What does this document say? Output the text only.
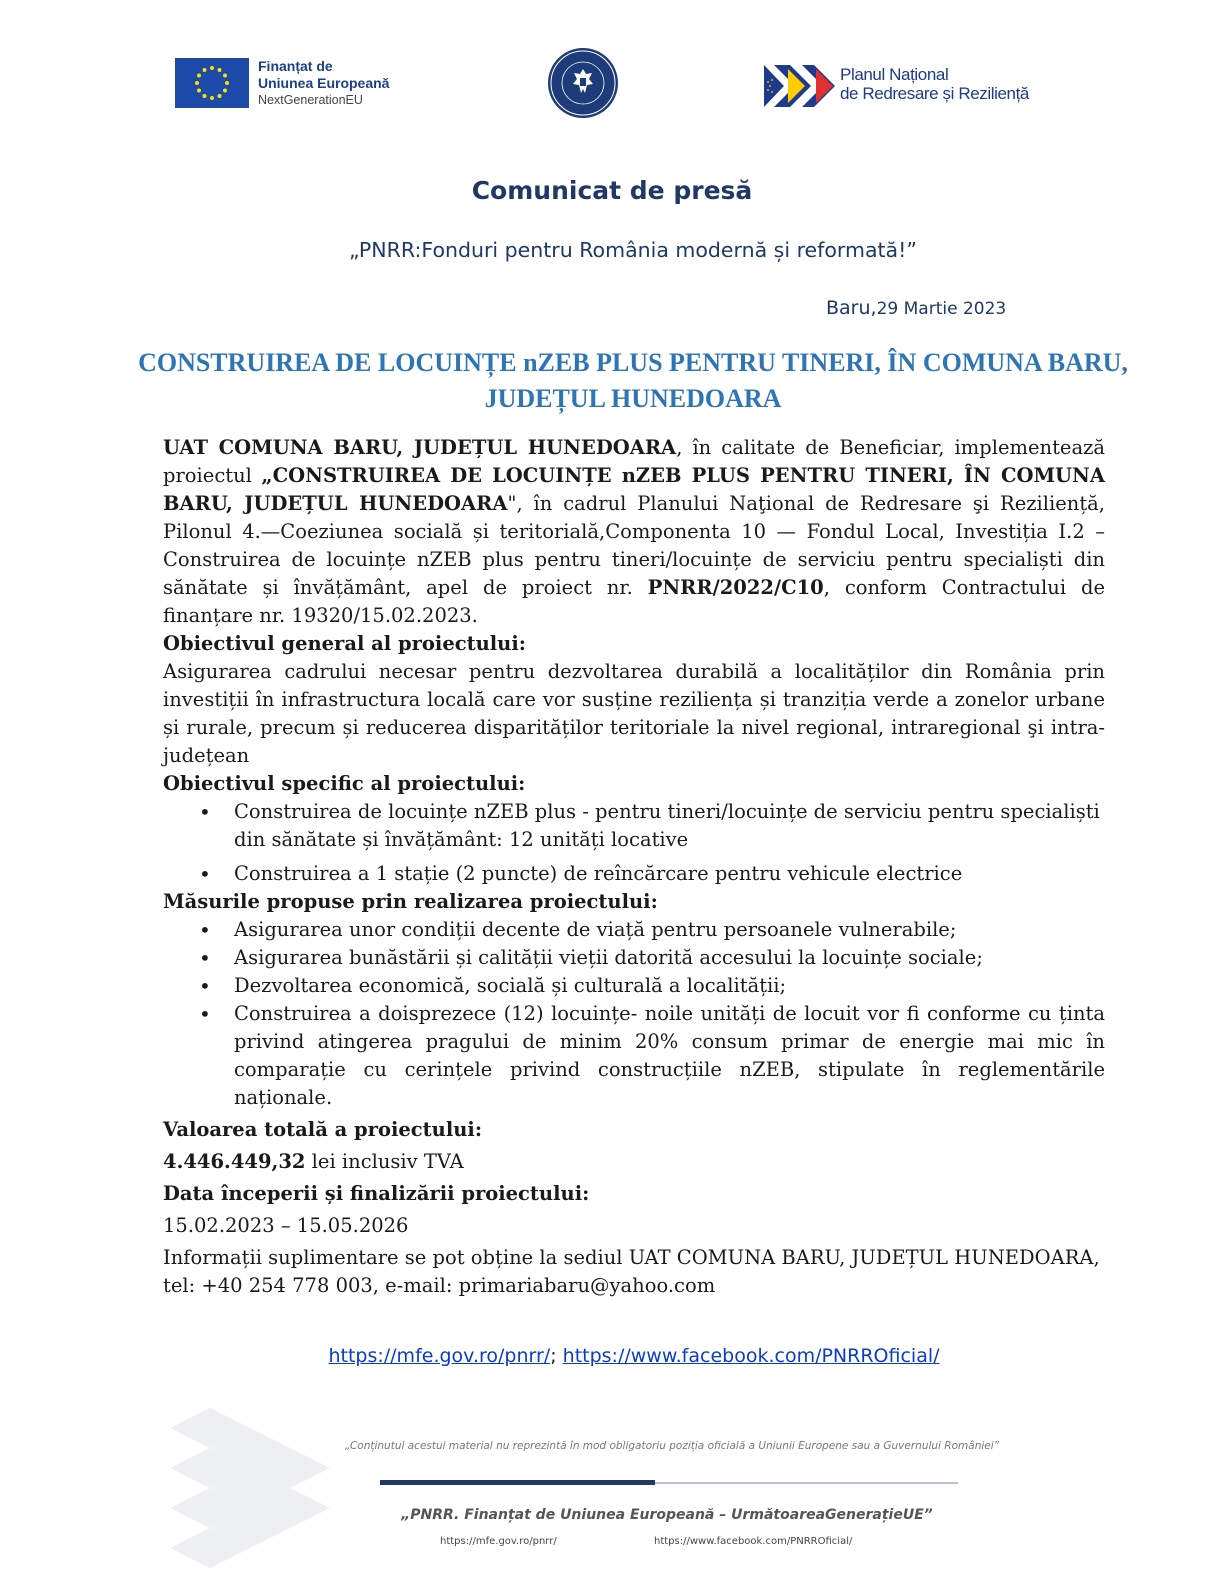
Finanțat de
Uniunea Europeană
NextGenerationEU
Planul Național
de Redresare și Reziliență
Comunicat de presă
„PNRR:Fonduri pentru România modernă și reformată!”
Baru,29 Martie 2023
CONSTRUIREA DE LOCUINȚE nZEB PLUS PENTRU TINERI, ÎN COMUNA BARU, JUDEȚUL HUNEDOARA

UAT COMUNA BARU, JUDEȚUL HUNEDOARA, în calitate de Beneficiar, implementează proiectul „CONSTRUIREA DE LOCUINȚE nZEB PLUS PENTRU TINERI, ÎN COMUNA BARU, JUDEȚUL HUNEDOARA", în cadrul Planului Naţional de Redresare şi Reziliență, Pilonul 4.—Coeziunea socială și teritorială,Componenta 10 — Fondul Local, Investiția I.2 – Construirea de locuințe nZEB plus pentru tineri/locuințe de serviciu pentru specialiști din sănătate și învățământ, apel de proiect nr. PNRR/2022/C10, conform Contractului de finanțare nr. 19320/15.02.2023.

Obiectivul general al proiectului:

Asigurarea cadrului necesar pentru dezvoltarea durabilă a localităților din România prin investiții în infrastructura locală care vor susține reziliența și tranziția verde a zonelor urbane și rurale, precum și reducerea disparităților teritoriale la nivel regional, intraregional şi intra-județean

Obiectivul specific al proiectului:

• Construirea de locuințe nZEB plus - pentru tineri/locuințe de serviciu pentru specialiști din sănătate și învățământ: 12 unități locative
• Construirea a 1 stație (2 puncte) de reîncărcare pentru vehicule electrice

Măsurile propuse prin realizarea proiectului:

• Asigurarea unor condiții decente de viață pentru persoanele vulnerabile;
• Asigurarea bunăstării și calității vieții datorită accesului la locuințe sociale;
• Dezvoltarea economică, socială și culturală a localității;
• Construirea a doisprezece (12) locuințe- noile unități de locuit vor fi conforme cu ținta privind atingerea pragului de minim 20% consum primar de energie mai mic în comparație cu cerințele privind construcțiile nZEB, stipulate în reglementările naționale.

Valoarea totală a proiectului:

4.446.449,32 lei inclusiv TVA

Data începerii și finalizării proiectului:

15.02.2023 – 15.05.2026

Informații suplimentare se pot obține la sediul UAT COMUNA BARU, JUDEȚUL HUNEDOARA, tel: +40 254 778 003, e-mail: primariabaru@yahoo.com

https://mfe.gov.ro/pnrr/; https://www.facebook.com/PNRROficial/
„Conținutul acestui material nu reprezintă în mod obligatoriu poziția oficială a Uniunii Europene sau a Guvernului României”
„PNRR. Finanțat de Uniunea Europeană – UrmătoareaGenerațieUE”
https://mfe.gov.ro/pnrr/	https://www.facebook.com/PNRROficial/
